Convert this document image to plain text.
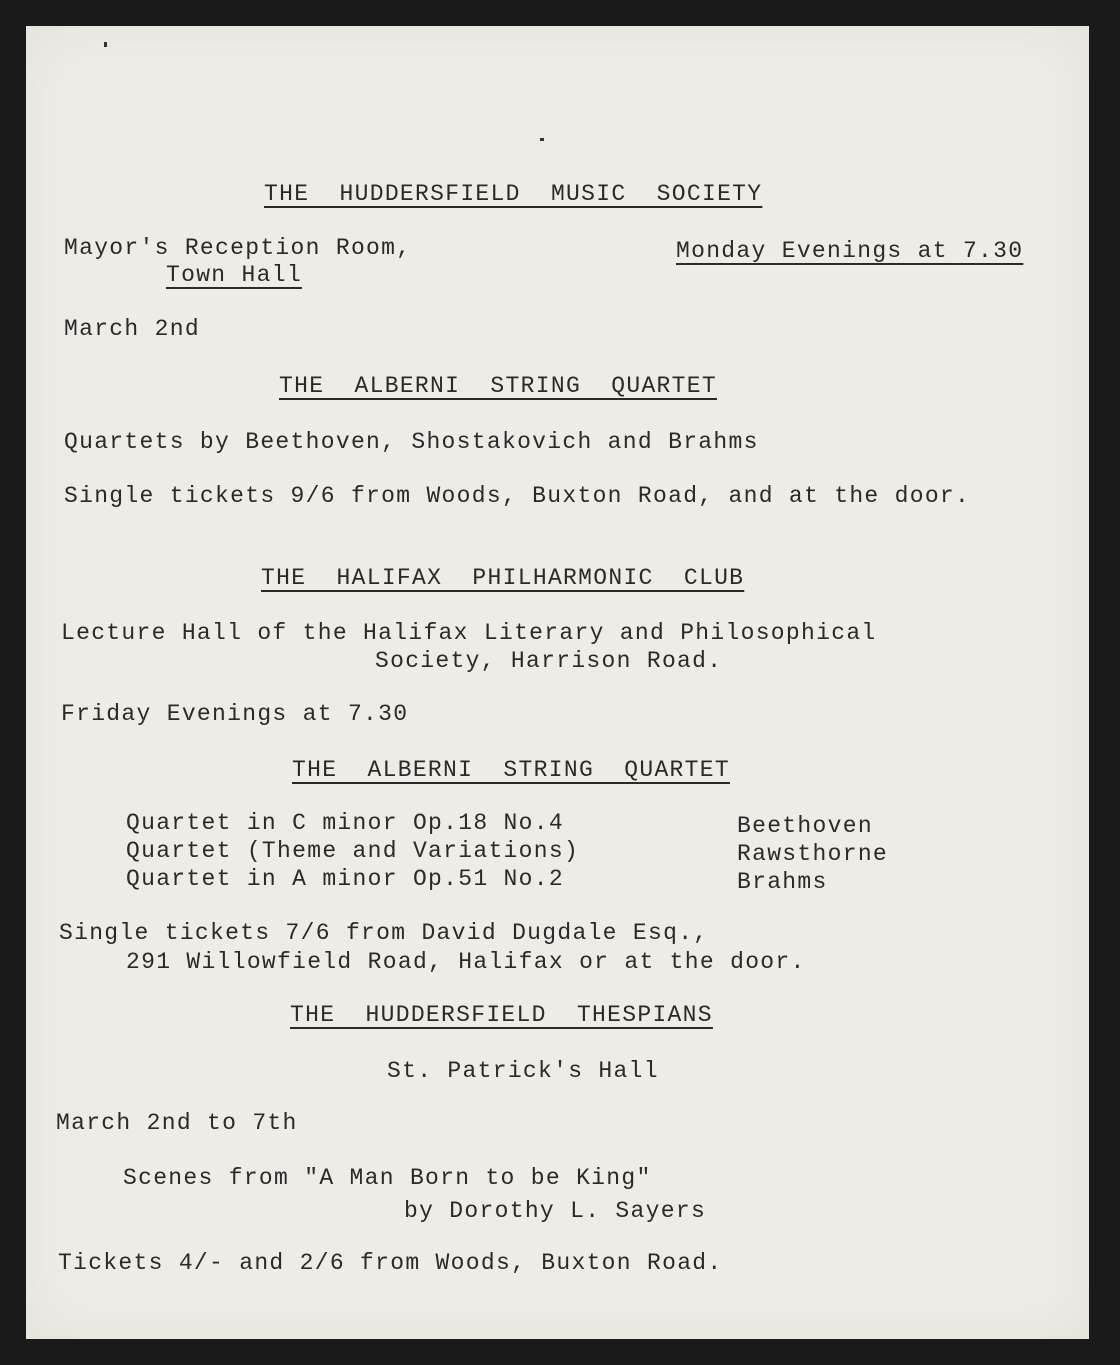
THE  HUDDERSFIELD  MUSIC  SOCIETY
Mayor's Reception Room,
Town Hall
Monday Evenings at 7.30
March 2nd
THE  ALBERNI  STRING  QUARTET
Quartets by Beethoven, Shostakovich and Brahms
Single tickets 9/6 from Woods, Buxton Road, and at the door.
THE  HALIFAX  PHILHARMONIC  CLUB
Lecture Hall of the Halifax Literary and Philosophical
Society, Harrison Road.
Friday Evenings at 7.30
THE  ALBERNI  STRING  QUARTET
Quartet in C minor Op.18 No.4	Beethoven
Quartet (Theme and Variations)	Rawsthorne
Quartet in A minor Op.51 No.2	Brahms
Single tickets 7/6 from David Dugdale Esq.,
291 Willowfield Road, Halifax or at the door.
THE  HUDDERSFIELD  THESPIANS
St. Patrick's Hall
March 2nd to 7th
Scenes from "A Man Born to be King"
by Dorothy L. Sayers
Tickets 4/- and 2/6 from Woods, Buxton Road.
